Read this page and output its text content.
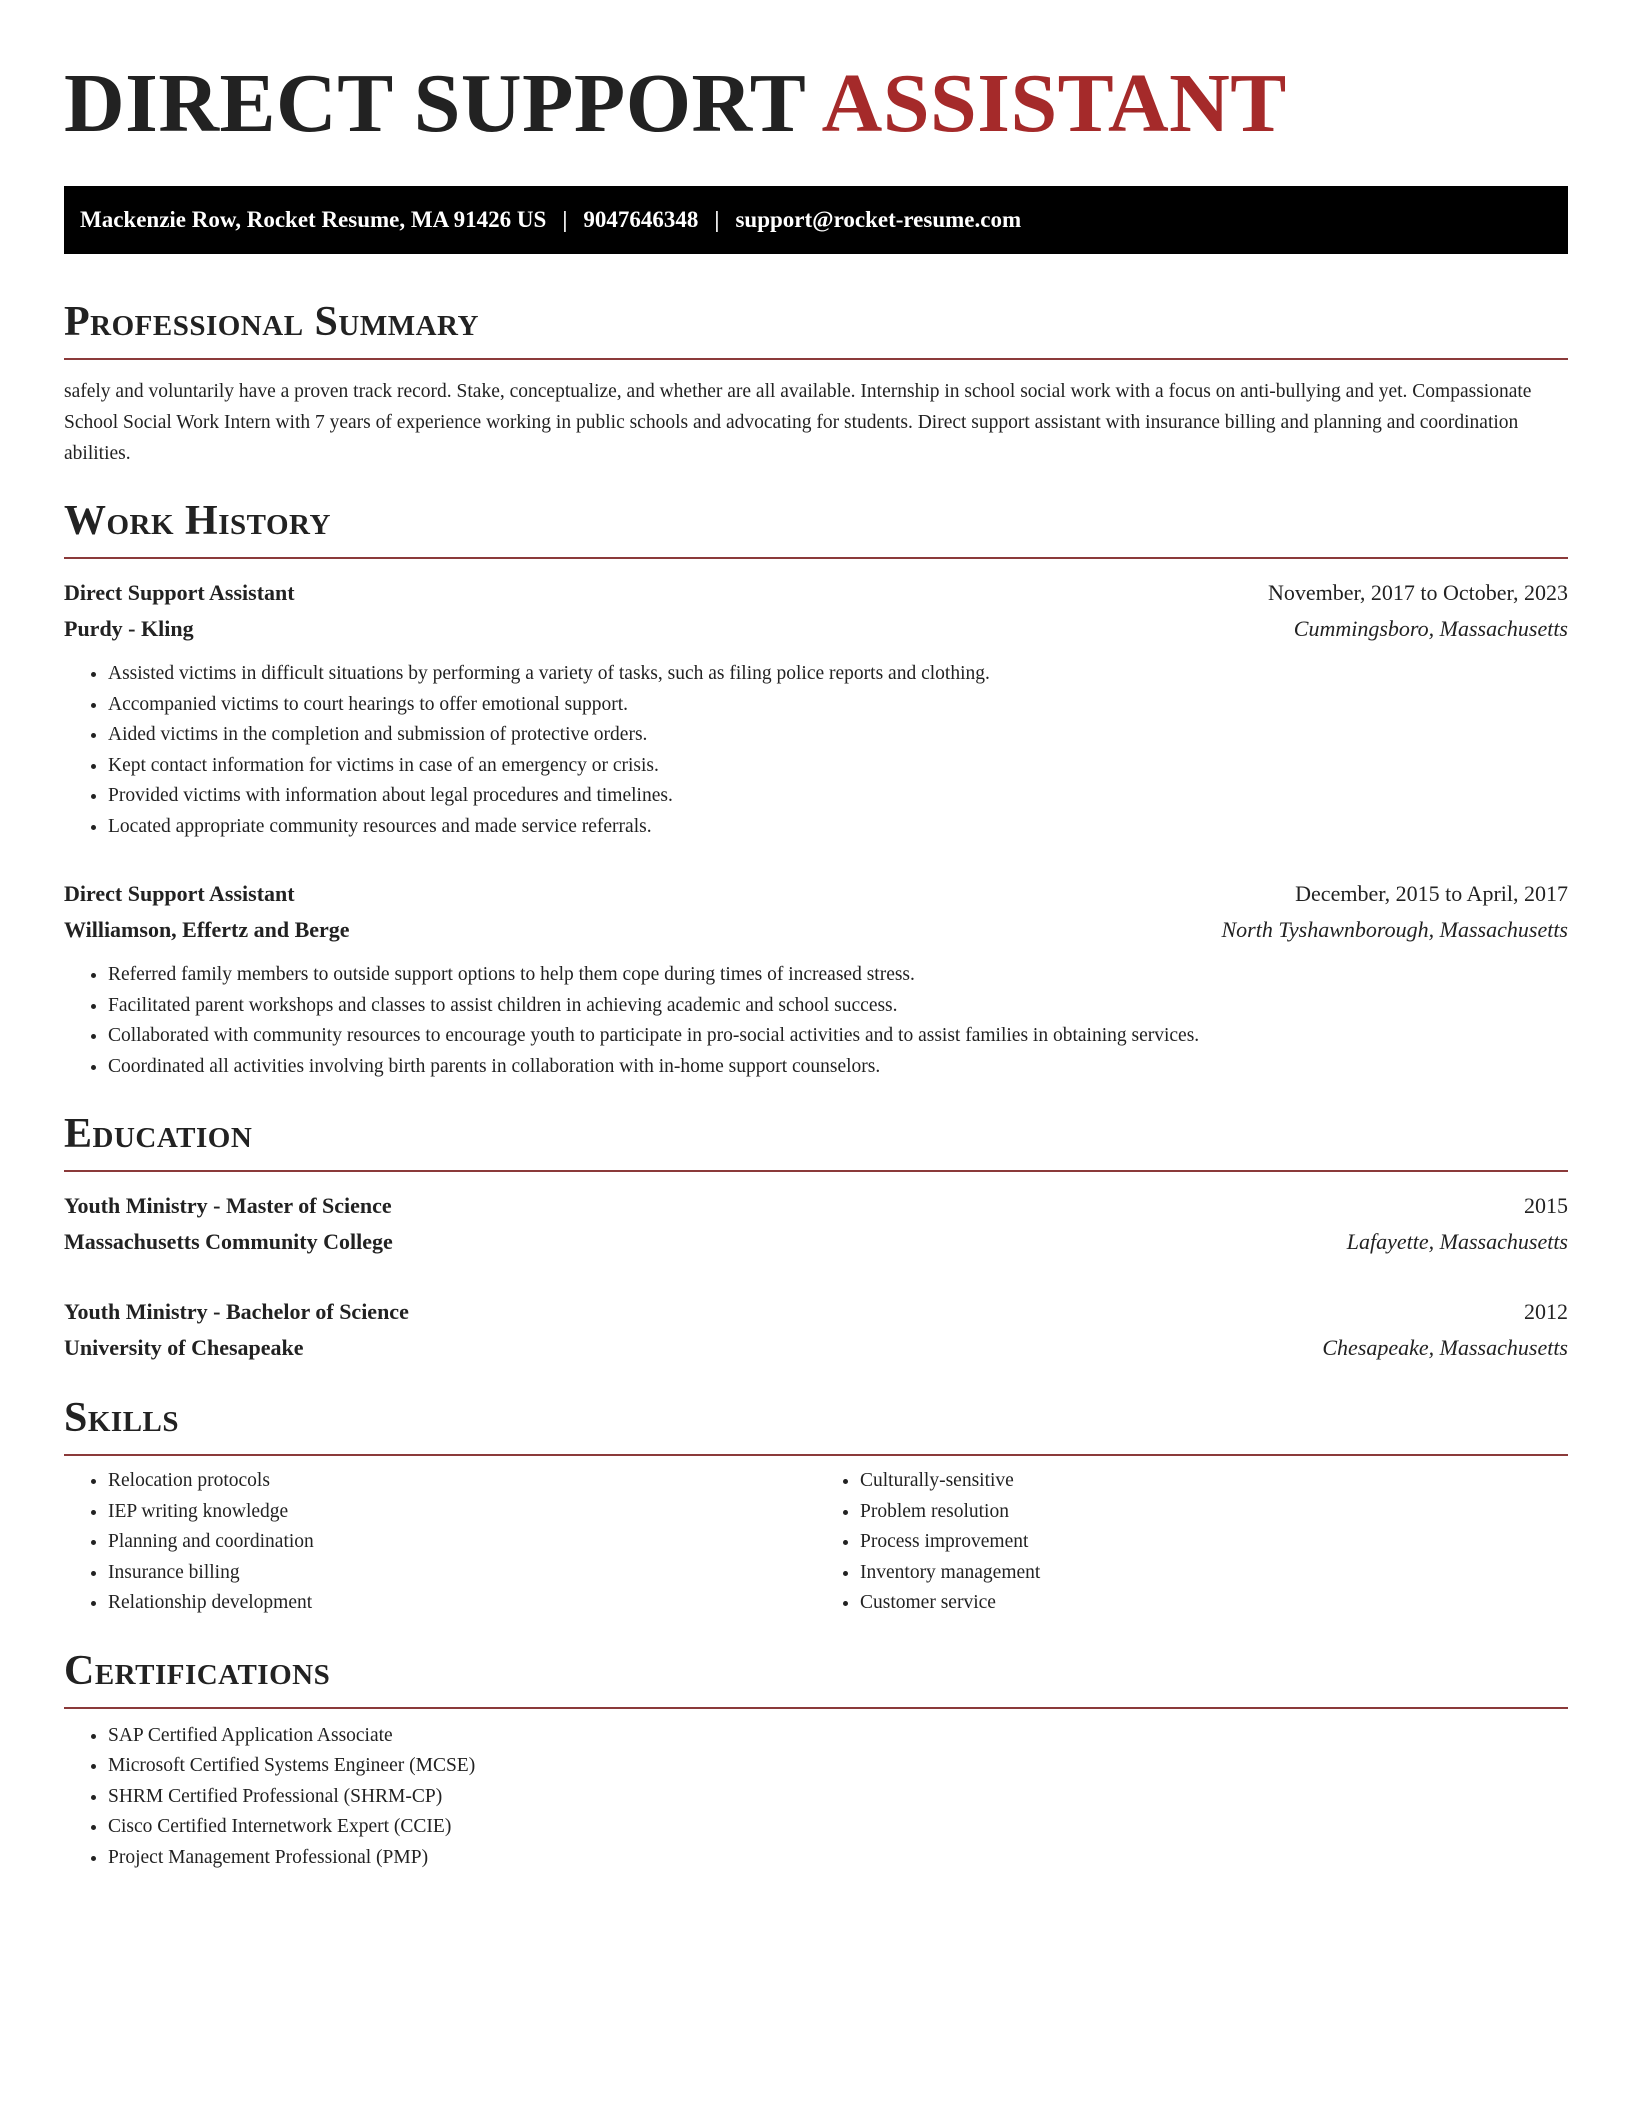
DIRECT SUPPORT ASSISTANT
Mackenzie Row, Rocket Resume, MA 91426 US | 9047646348 | support@rocket-resume.com
Professional Summary

safely and voluntarily have a proven track record. Stake, conceptualize, and whether are all available. Internship in school social work with a focus on anti-bullying and yet. Compassionate School Social Work Intern with 7 years of experience working in public schools and advocating for students. Direct support assistant with insurance billing and planning and coordination abilities.

Work History
Direct Support Assistant	November, 2017 to October, 2023
Purdy - Kling	Cummingsboro, Massachusetts
• Assisted victims in difficult situations by performing a variety of tasks, such as filing police reports and clothing.
• Accompanied victims to court hearings to offer emotional support.
• Aided victims in the completion and submission of protective orders.
• Kept contact information for victims in case of an emergency or crisis.
• Provided victims with information about legal procedures and timelines.
• Located appropriate community resources and made service referrals.
Direct Support Assistant	December, 2015 to April, 2017
Williamson, Effertz and Berge	North Tyshawnborough, Massachusetts
• Referred family members to outside support options to help them cope during times of increased stress.
• Facilitated parent workshops and classes to assist children in achieving academic and school success.
• Collaborated with community resources to encourage youth to participate in pro-social activities and to assist families in obtaining services.
• Coordinated all activities involving birth parents in collaboration with in-home support counselors.
Education
Youth Ministry - Master of Science	2015
Massachusetts Community College	Lafayette, Massachusetts
Youth Ministry - Bachelor of Science	2012
University of Chesapeake	Chesapeake, Massachusetts
Skills
• Relocation protocols
• IEP writing knowledge
• Planning and coordination
• Insurance billing
• Relationship development
• Culturally-sensitive
• Problem resolution
• Process improvement
• Inventory management
• Customer service
Certifications
• SAP Certified Application Associate
• Microsoft Certified Systems Engineer (MCSE)
• SHRM Certified Professional (SHRM-CP)
• Cisco Certified Internetwork Expert (CCIE)
• Project Management Professional (PMP)
